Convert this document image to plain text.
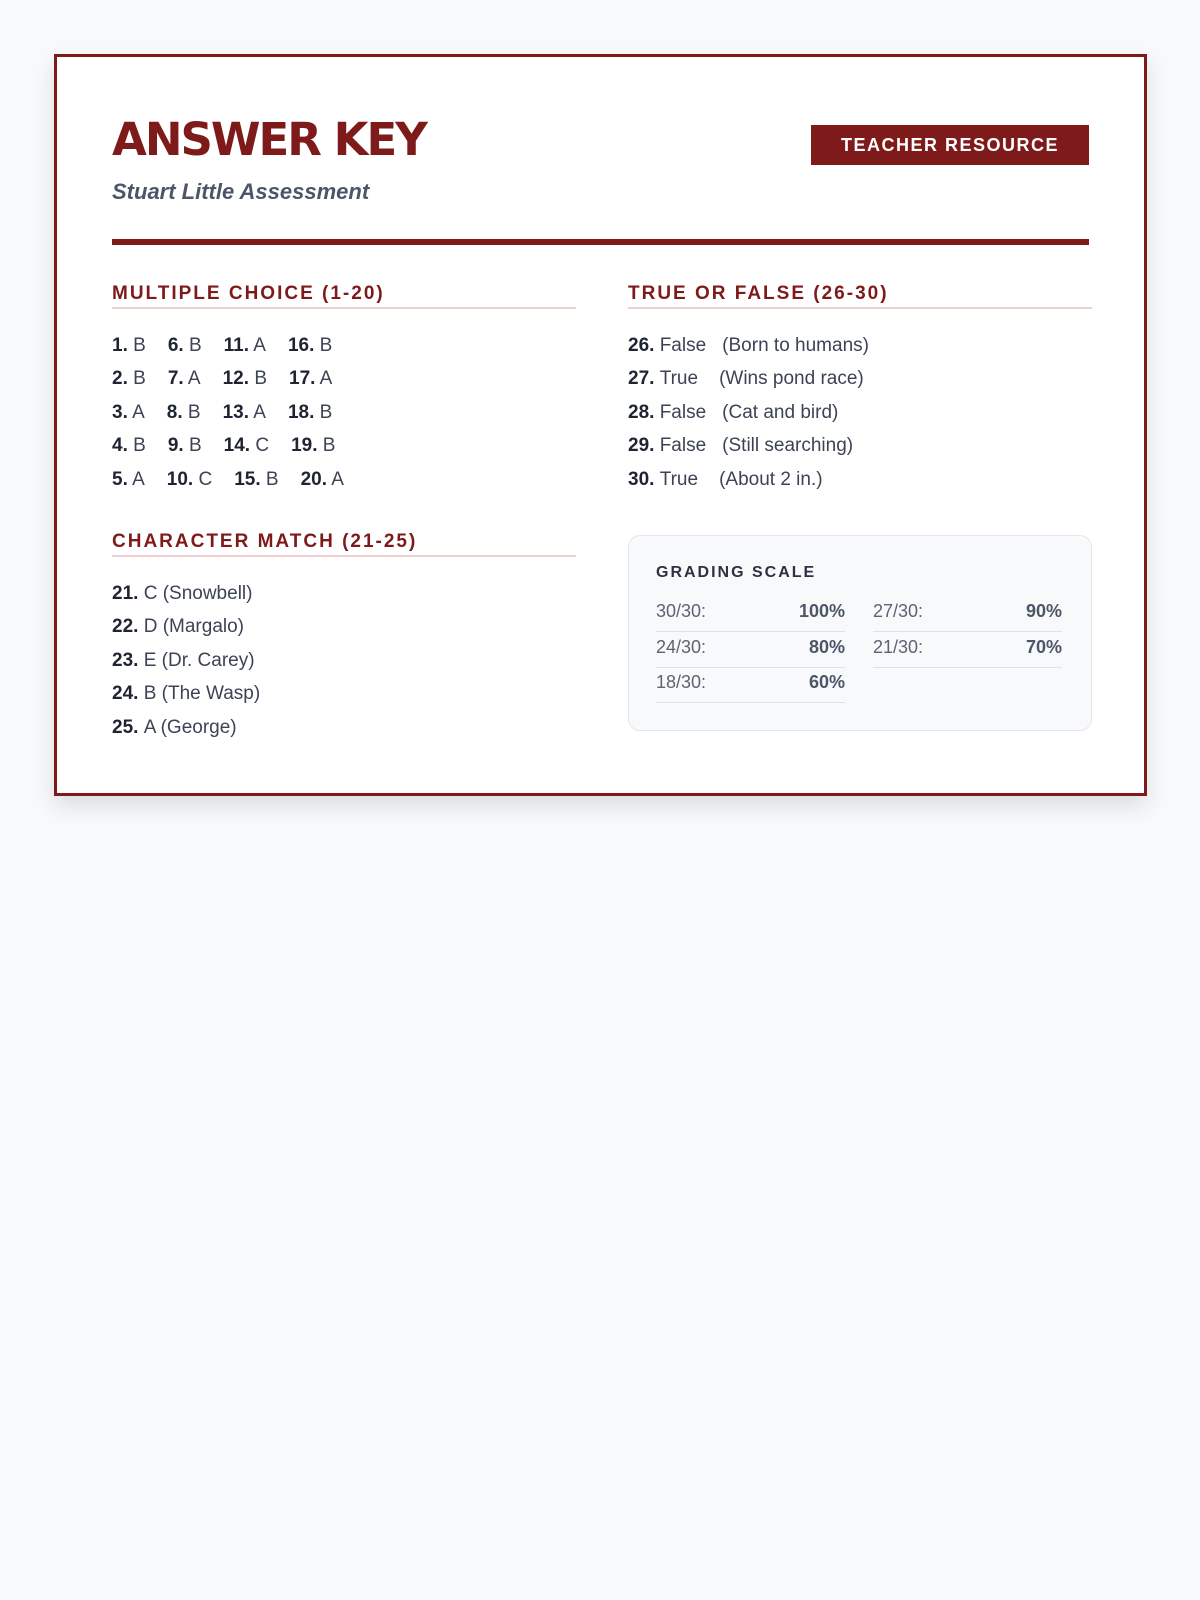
ANSWER KEY
Stuart Little Assessment
TEACHER RESOURCE
MULTIPLE CHOICE (1-20)
1. B 6. B 11. A 16. B
2. B 7. A 12. B 17. A
3. A 8. B 13. A 18. B
4. B 9. B 14. C 19. B
5. A 10. C 15. B 20. A
TRUE OR FALSE (26-30)
26.
False (Born to humans)
27.
True (Wins pond race)
28.
False (Cat and bird)
29.
False (Still searching)
30.
True (About 2 in.)
CHARACTER MATCH (21-25)
21.
C (Snowbell)
22.
D (Margalo)
23.
E (Dr. Carey)
24.
B (The Wasp)
25.
A (George)
GRADING SCALE
30/30:	100% 27/30:	90%
24/30:	80% 21/30:	70%
18/30:	60%
